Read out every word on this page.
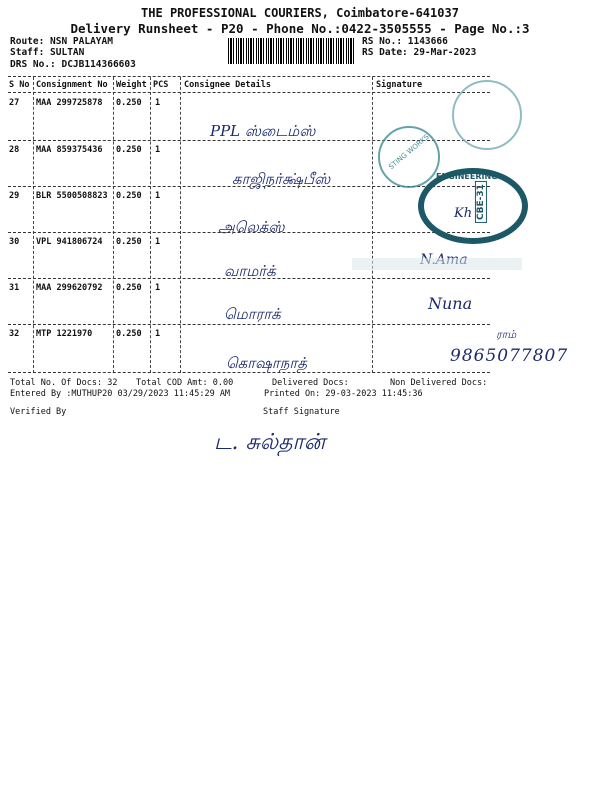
THE PROFESSIONAL COURIERS, Coimbatore-641037
Delivery Runsheet - P20 - Phone No.:0422-3505555 - Page No.:3
Route: NSN PALAYAM
Staff: SULTAN
DRS No.: DCJB114366603
RS No.: 1143666
RS Date: 29-Mar-2023
S No Consignment No Weight PCS Consignee Details	Signature
27 MAA 299725878 0.250 1
PPL ஸ்டைம்ஸ்
28 MAA 859375436 0.250 1
காஜிநர்க்ஷ்பீஸ்
29 BLR 5500508823 0.250 1
அலெக்ஸ்
30 VPL 941806724 0.250 1
வாமர்க்
31 MAA 299620792 0.250 1
மொராக்
32 MTP 1221970	0.250 1
கொஷாநாத்
STING WORKS
ENGINEERING
CBE-31
Kh
Nuna
ராம்
9865077807
Total No. Of Docs: 32 Total COD Amt: 0.00	Delivered Docs:	Non Delivered Docs:
Entered By :MUTHUP20 03/29/2023 11:45:29 AM	Printed On: 29-03-2023 11:45:36
Verified By	Staff Signature
ட. சுல்தான்
